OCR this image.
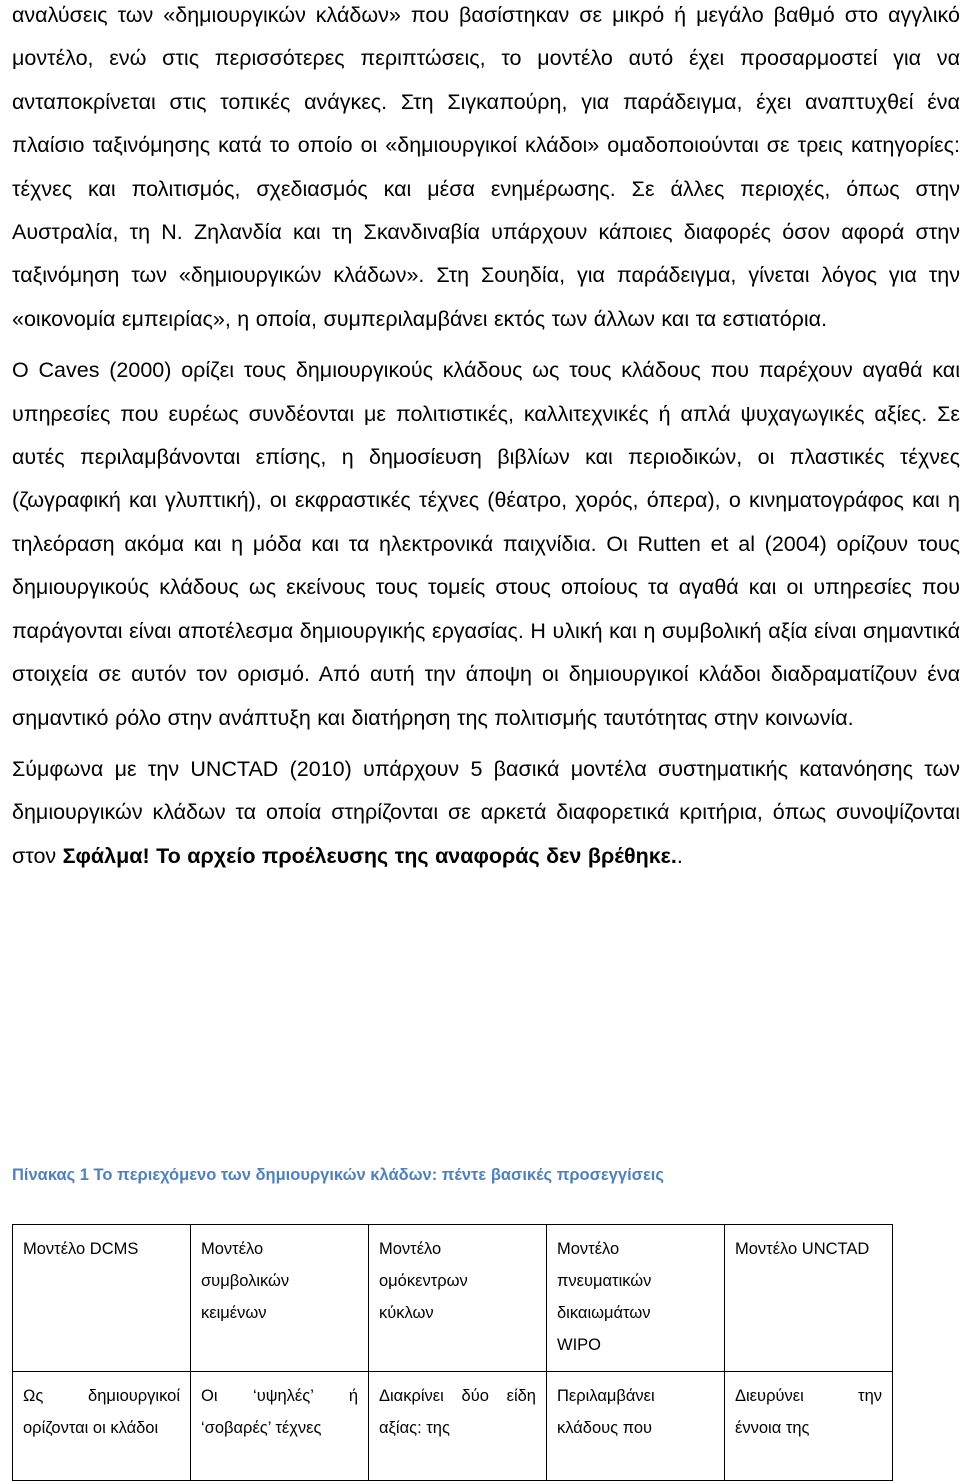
αναλύσεις των «δημιουργικών κλάδων» που βασίστηκαν σε μικρό ή μεγάλο βαθμό στο αγγλικό μοντέλο, ενώ στις περισσότερες περιπτώσεις, το μοντέλο αυτό έχει προσαρμοστεί για να ανταποκρίνεται στις τοπικές ανάγκες. Στη Σιγκαπούρη, για παράδειγμα, έχει αναπτυχθεί ένα πλαίσιο ταξινόμησης κατά το οποίο οι «δημιουργικοί κλάδοι» ομαδοποιούνται σε τρεις κατηγορίες: τέχνες και πολιτισμός, σχεδιασμός και μέσα ενημέρωσης. Σε άλλες περιοχές, όπως στην Αυστραλία, τη Ν. Ζηλανδία και τη Σκανδιναβία υπάρχουν κάποιες διαφορές όσον αφορά στην ταξινόμηση των «δημιουργικών κλάδων». Στη Σουηδία, για παράδειγμα, γίνεται λόγος για την «οικονομία εμπειρίας», η οποία, συμπεριλαμβάνει εκτός των άλλων και τα εστιατόρια.

Ο Caves (2000) ορίζει τους δημιουργικούς κλάδους ως τους κλάδους που παρέχουν αγαθά και υπηρεσίες που ευρέως συνδέονται με πολιτιστικές, καλλιτεχνικές ή απλά ψυχαγωγικές αξίες. Σε αυτές περιλαμβάνονται επίσης, η δημοσίευση βιβλίων και περιοδικών, οι πλαστικές τέχνες (ζωγραφική και γλυπτική), οι εκφραστικές τέχνες (θέατρο, χορός, όπερα), ο κινηματογράφος και η τηλεόραση ακόμα και η μόδα και τα ηλεκτρονικά παιχνίδια. Οι Rutten et al (2004) ορίζουν τους δημιουργικούς κλάδους ως εκείνους τους τομείς στους οποίους τα αγαθά και οι υπηρεσίες που παράγονται είναι αποτέλεσμα δημιουργικής εργασίας. Η υλική και η συμβολική αξία είναι σημαντικά στοιχεία σε αυτόν τον ορισμό. Από αυτή την άποψη οι δημιουργικοί κλάδοι διαδραματίζουν ένα σημαντικό ρόλο στην ανάπτυξη και διατήρηση της πολιτισμής ταυτότητας στην κοινωνία.

Σύμφωνα με την UNCTAD (2010) υπάρχουν 5 βασικά μοντέλα συστηματικής κατανόησης των δημιουργικών κλάδων τα οποία στηρίζονται σε αρκετά διαφορετικά κριτήρια, όπως συνοψίζονται στον Σφάλμα! Το αρχείο προέλευσης της αναφοράς δεν βρέθηκε..

Πίνακας 1 Το περιεχόμενο των δημιουργικών κλάδων: πέντε βασικές προσεγγίσεις
Μοντέλο DCMS	Μοντέλο συμβολικών κειμένων	Μοντέλο ομόκεντρων κύκλων	Μοντέλο πνευματικών δικαιωμάτων WIPO	Μοντέλο UNCTAD

Ως δημιουργικοί ορίζονται οι κλάδοι	Οι ‘υψηλές’ ή ‘σοβαρές’ τέχνες	Διακρίνει δύο είδη αξίας: της	Περιλαμβάνει κλάδους που	Διευρύνει την έννοια της
